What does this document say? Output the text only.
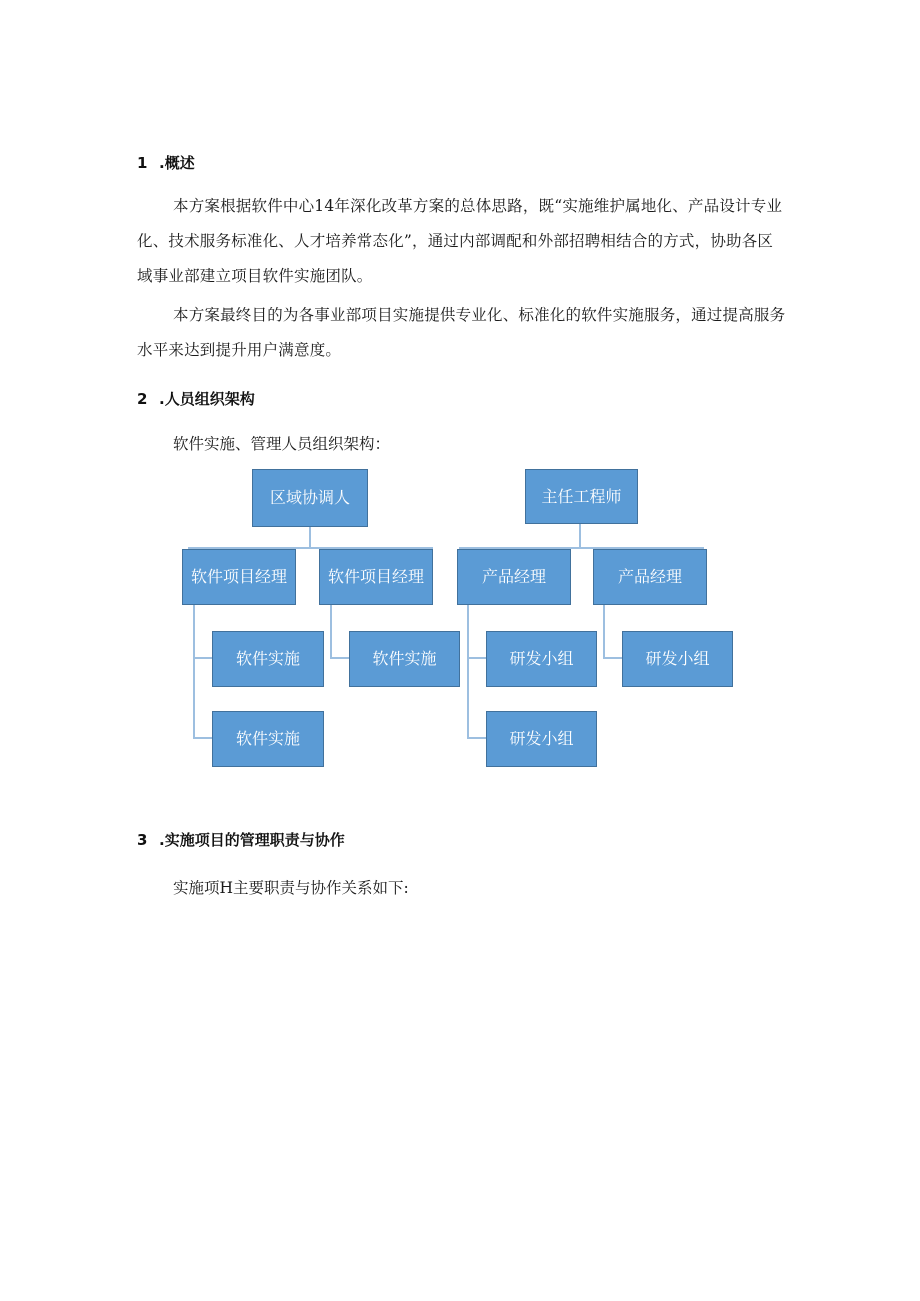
1 .概述

本方案根据软件中心14年深化改革方案的总体思路，既“实施维护属地化、产品设计专业化、技术服务标准化、人才培养常态化”，通过内部调配和外部招聘相结合的方式，协助各区域事业部建立项目软件实施团队。

本方案最终目的为各事业部项目实施提供专业化、标准化的软件实施服务，通过提高服务水平来达到提升用户满意度。

2 .人员组织架构
软件实施、管理人员组织架构：
区域协调人
软件项目经理	软件项目经理
软件实施
软件实施
软件实施
主任工程师
产品经理	产品经理
研发小组
研发小组
研发小组
3 .实施项目的管理职责与协作
实施项H主要职责与协作关系如下:
